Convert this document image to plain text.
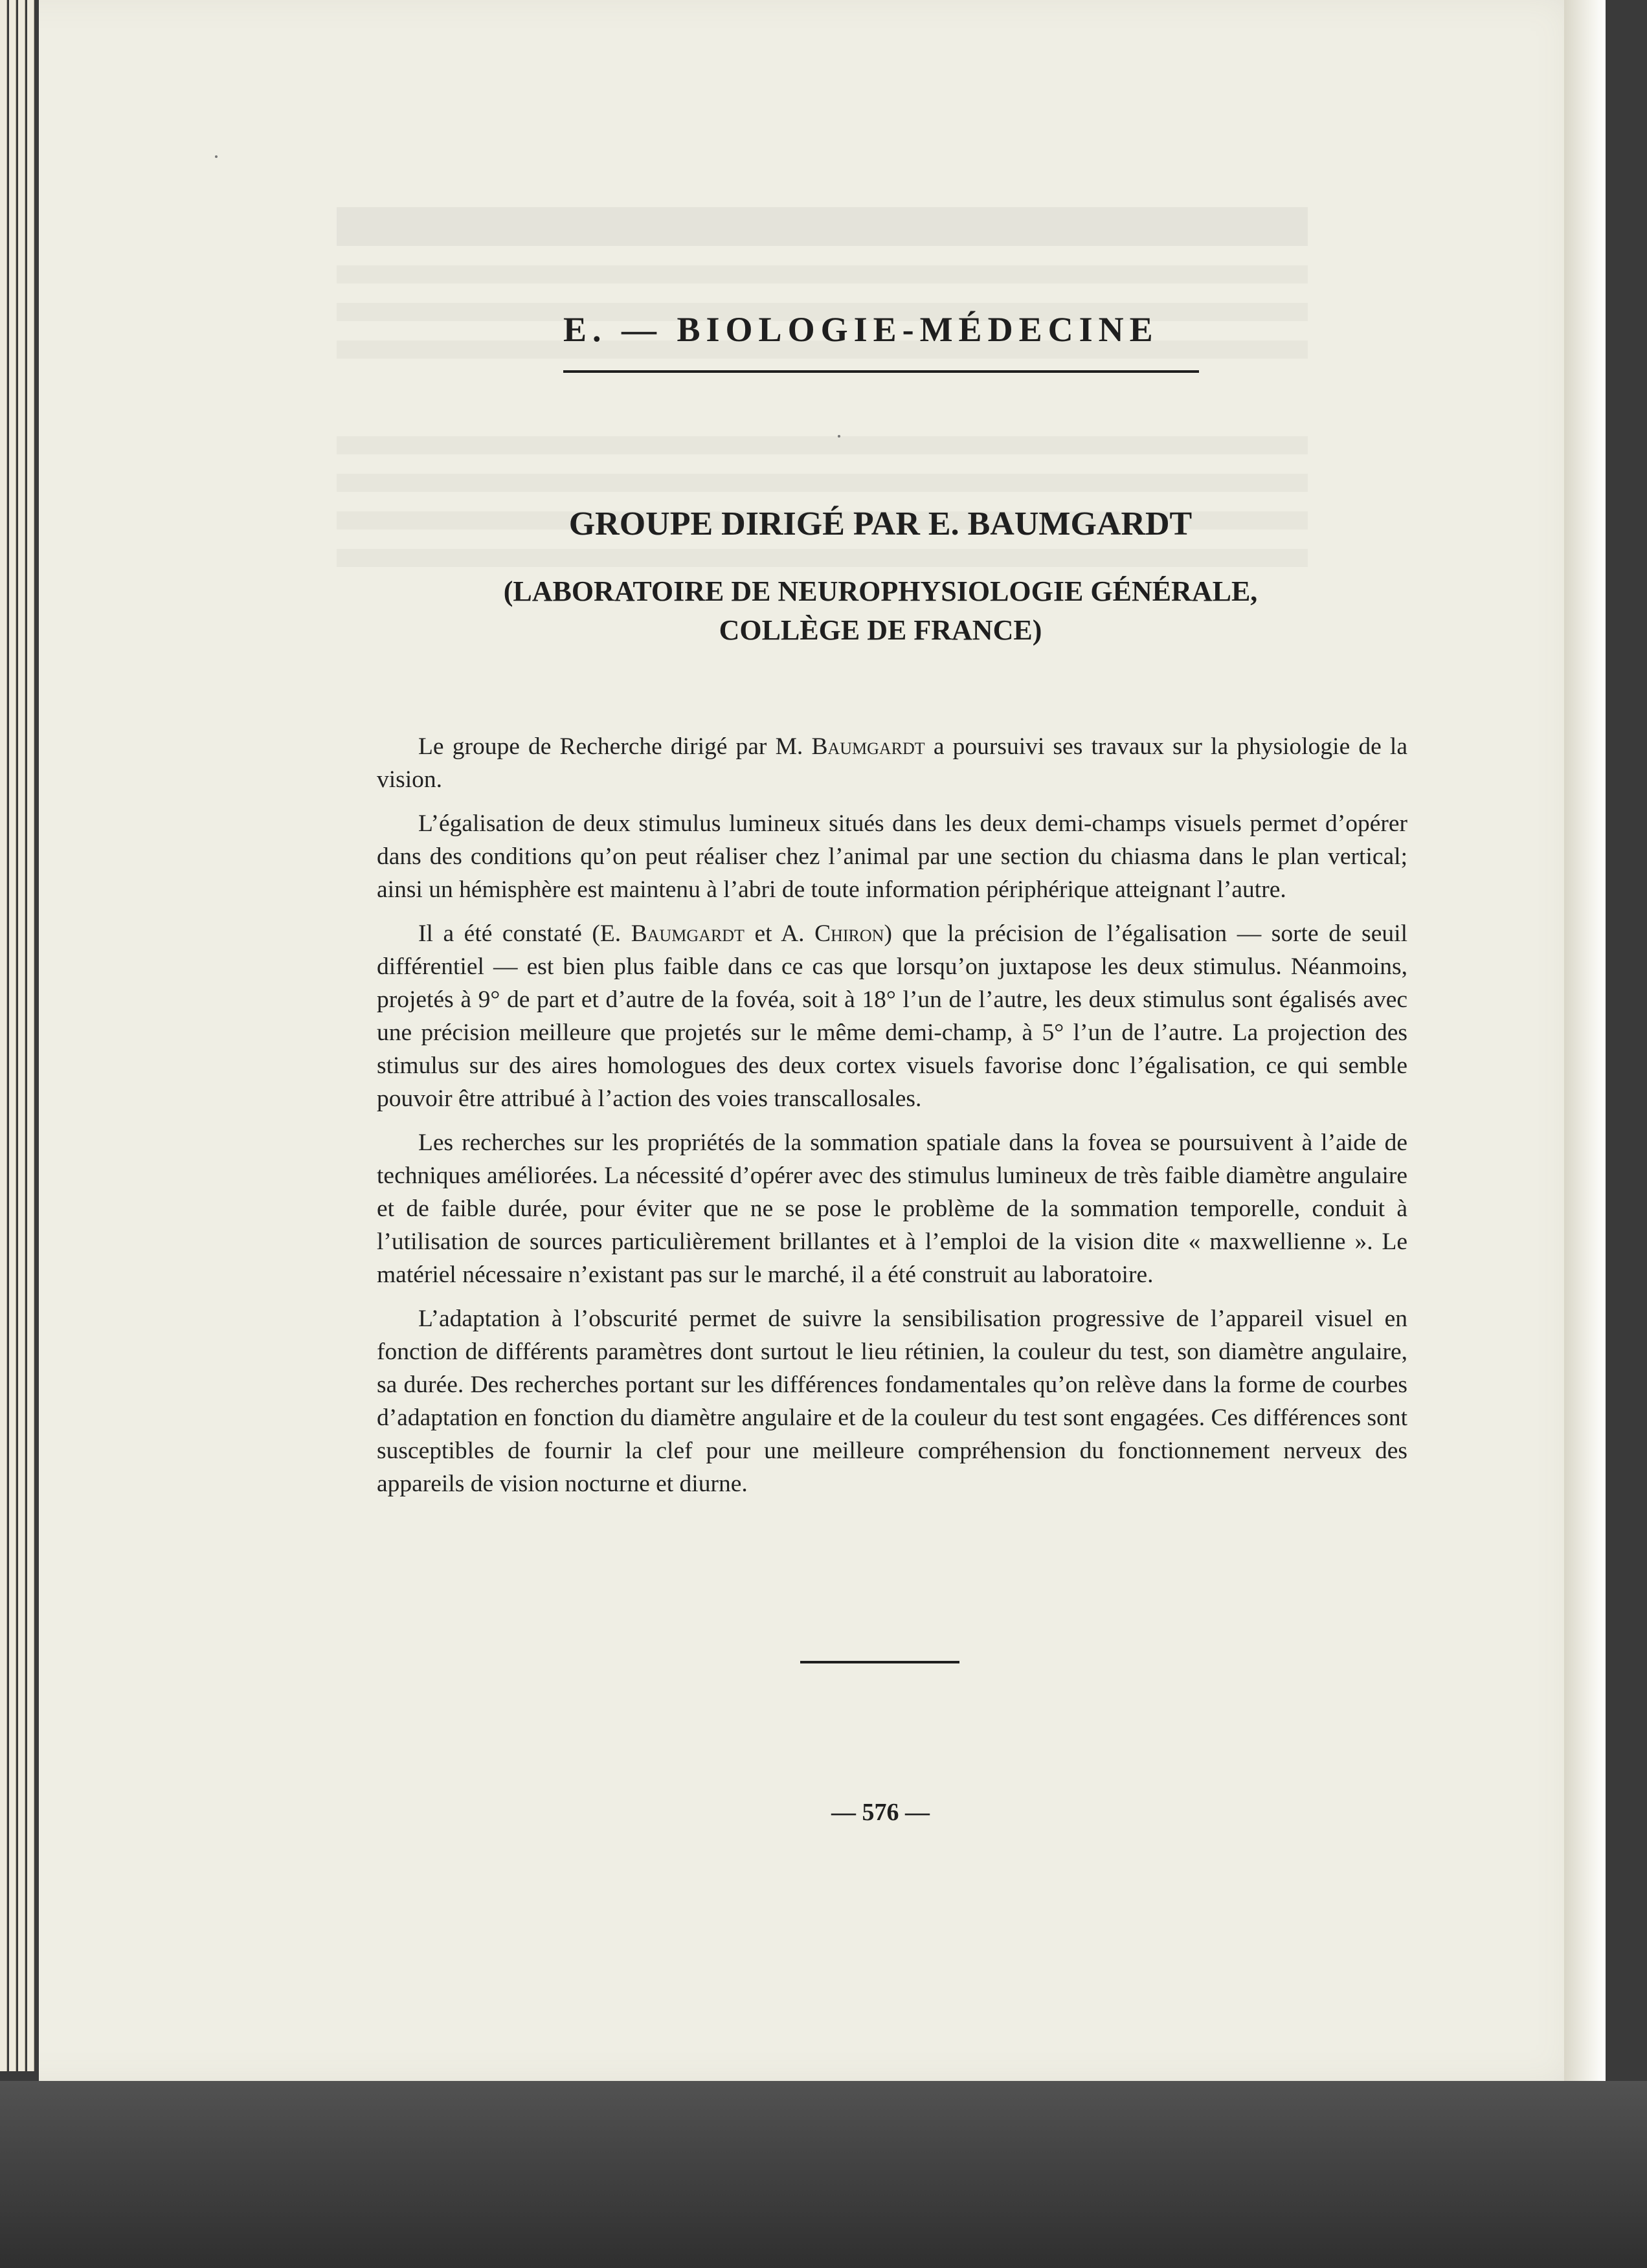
E. — BIOLOGIE-MÉDECINE
GROUPE DIRIGÉ PAR E. BAUMGARDT
(LABORATOIRE DE NEUROPHYSIOLOGIE GÉNÉRALE,
COLLÈGE DE FRANCE)

Le groupe de Recherche dirigé par M. Baumgardt a poursuivi ses travaux sur la physiologie de la vision.

L’égalisation de deux stimulus lumineux situés dans les deux demi-champs visuels permet d’opérer dans des conditions qu’on peut réaliser chez l’animal par une section du chiasma dans le plan vertical; ainsi un hémisphère est maintenu à l’abri de toute information périphérique atteignant l’autre.

Il a été constaté (E. Baumgardt et A. Chiron) que la précision de l’égalisation — sorte de seuil différentiel — est bien plus faible dans ce cas que lorsqu’on juxtapose les deux stimulus. Néanmoins, projetés à 9° de part et d’autre de la fovéa, soit à 18° l’un de l’autre, les deux stimulus sont égalisés avec une précision meilleure que projetés sur le même demi-champ, à 5° l’un de l’autre. La projection des stimulus sur des aires homologues des deux cortex visuels favorise donc l’égalisation, ce qui semble pouvoir être attribué à l’action des voies transcallosales.

Les recherches sur les propriétés de la sommation spatiale dans la fovea se poursuivent à l’aide de techniques améliorées. La nécessité d’opérer avec des stimulus lumineux de très faible diamètre angulaire et de faible durée, pour éviter que ne se pose le problème de la sommation temporelle, conduit à l’utilisation de sources particulièrement brillantes et à l’emploi de la vision dite « maxwellienne ». Le matériel nécessaire n’existant pas sur le marché, il a été construit au laboratoire.

L’adaptation à l’obscurité permet de suivre la sensibilisation progressive de l’appareil visuel en fonction de différents paramètres dont surtout le lieu rétinien, la couleur du test, son diamètre angulaire, sa durée. Des recherches portant sur les différences fondamentales qu’on relève dans la forme de courbes d’adaptation en fonction du diamètre angulaire et de la couleur du test sont engagées. Ces différences sont susceptibles de fournir la clef pour une meilleure compréhension du fonctionnement nerveux des appareils de vision nocturne et diurne.

— 576 —
